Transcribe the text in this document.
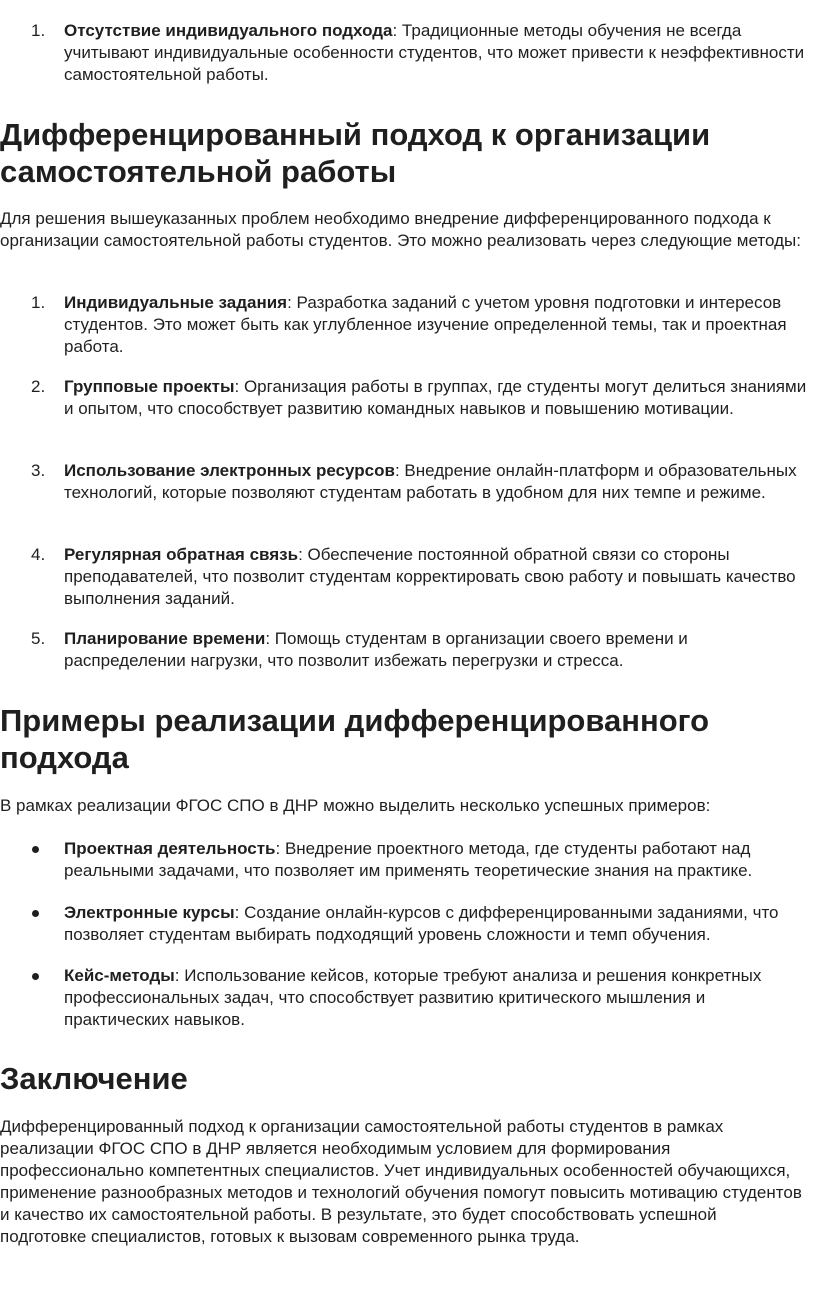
1. Отсутствие индивидуального подхода: Традиционные методы обучения не всегда учитывают индивидуальные особенности студентов, что может привести к неэффективности самостоятельной работы.

Дифференцированный подход к организации самостоятельной работы

Для решения вышеуказанных проблем необходимо внедрение дифференцированного подхода к организации самостоятельной работы студентов. Это можно реализовать через следующие методы:

1. Индивидуальные задания: Разработка заданий с учетом уровня подготовки и интересов студентов. Это может быть как углубленное изучение определенной темы, так и проектная работа.

2. Групповые проекты: Организация работы в группах, где студенты могут делиться знаниями и опытом, что способствует развитию командных навыков и повышению мотивации.

3. Использование электронных ресурсов: Внедрение онлайн-платформ и образовательных технологий, которые позволяют студентам работать в удобном для них темпе и режиме.

4. Регулярная обратная связь: Обеспечение постоянной обратной связи со стороны преподавателей, что позволит студентам корректировать свою работу и повышать качество выполнения заданий.

5. Планирование времени: Помощь студентам в организации своего времени и распределении нагрузки, что позволит избежать перегрузки и стресса.

Примеры реализации дифференцированного подхода

В рамках реализации ФГОС СПО в ДНР можно выделить несколько успешных примеров:

Проектная деятельность: Внедрение проектного метода, где студенты работают над реальными задачами, что позволяет им применять теоретические знания на практике.

Электронные курсы: Создание онлайн-курсов с дифференцированными заданиями, что позволяет студентам выбирать подходящий уровень сложности и темп обучения.

Кейс-методы: Использование кейсов, которые требуют анализа и решения конкретных профессиональных задач, что способствует развитию критического мышления и практических навыков.

Заключение

Дифференцированный подход к организации самостоятельной работы студентов в рамках реализации ФГОС СПО в ДНР является необходимым условием для формирования профессионально компетентных специалистов. Учет индивидуальных особенностей обучающихся, применение разнообразных методов и технологий обучения помогут повысить мотивацию студентов и качество их самостоятельной работы. В результате, это будет способствовать успешной подготовке специалистов, готовых к вызовам современного рынка труда.
